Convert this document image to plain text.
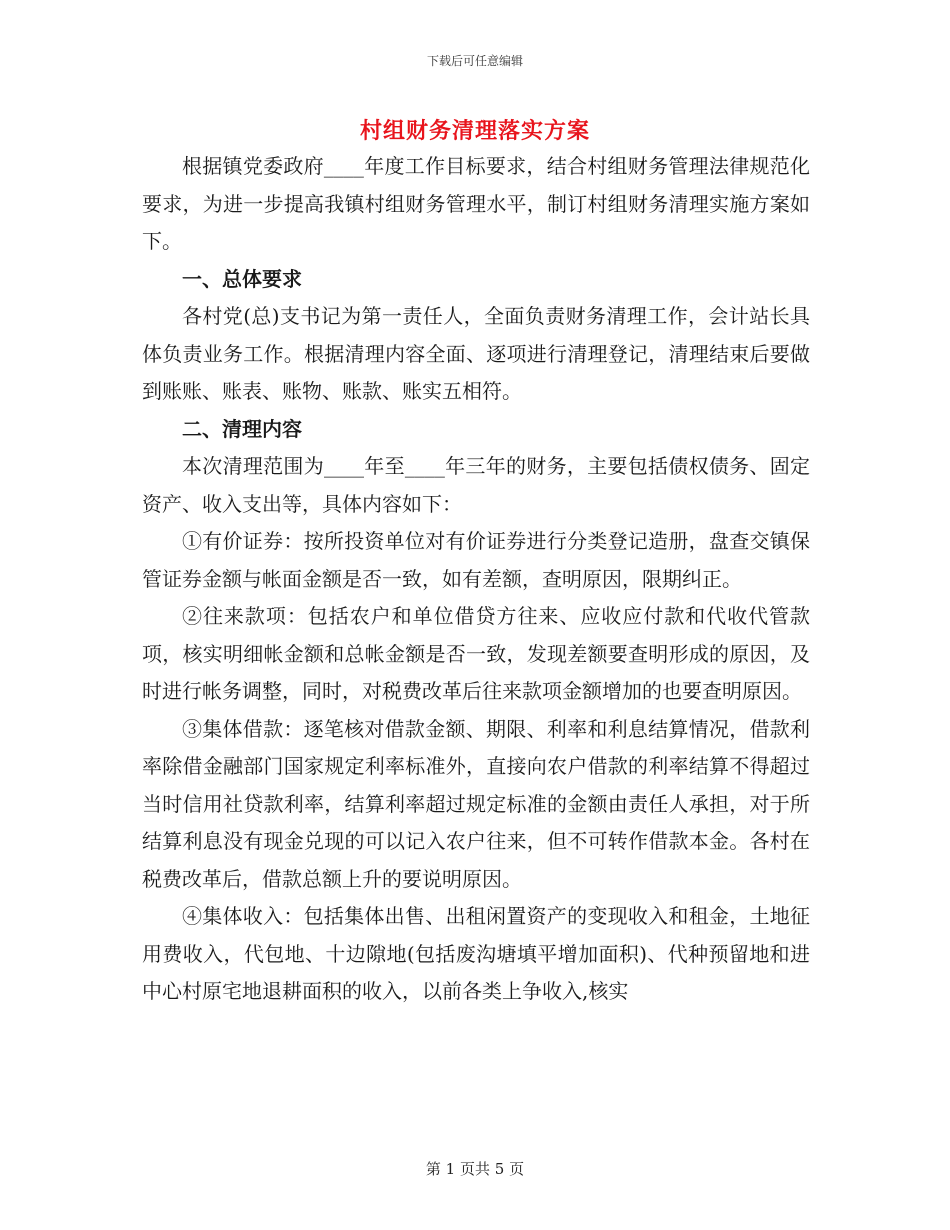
下载后可任意编辑
村组财务清理落实方案

根据镇党委政府____年度工作目标要求，结合村组财务管理法律规范化要求，为进一步提高我镇村组财务管理水平，制订村组财务清理实施方案如下。

一、总体要求

各村党(总)支书记为第一责任人，全面负责财务清理工作，会计站长具体负责业务工作。根据清理内容全面、逐项进行清理登记，清理结束后要做到账账、账表、账物、账款、账实五相符。

二、清理内容

本次清理范围为____年至____年三年的财务，主要包括债权债务、固定资产、收入支出等，具体内容如下：

①有价证券：按所投资单位对有价证券进行分类登记造册，盘查交镇保管证券金额与帐面金额是否一致，如有差额，查明原因，限期纠正。

②往来款项：包括农户和单位借贷方往来、应收应付款和代收代管款项，核实明细帐金额和总帐金额是否一致，发现差额要查明形成的原因，及时进行帐务调整，同时，对税费改革后往来款项金额增加的也要查明原因。

③集体借款：逐笔核对借款金额、期限、利率和利息结算情况，借款利率除借金融部门国家规定利率标准外，直接向农户借款的利率结算不得超过当时信用社贷款利率，结算利率超过规定标准的金额由责任人承担，对于所结算利息没有现金兑现的可以记入农户往来，但不可转作借款本金。各村在税费改革后，借款总额上升的要说明原因。

④集体收入：包括集体出售、出租闲置资产的变现收入和租金，土地征用费收入，代包地、十边隙地(包括废沟塘填平增加面积)、代种预留地和进中心村原宅地退耕面积的收入，以前各类上争收入,核实

第 1 页共 5 页
